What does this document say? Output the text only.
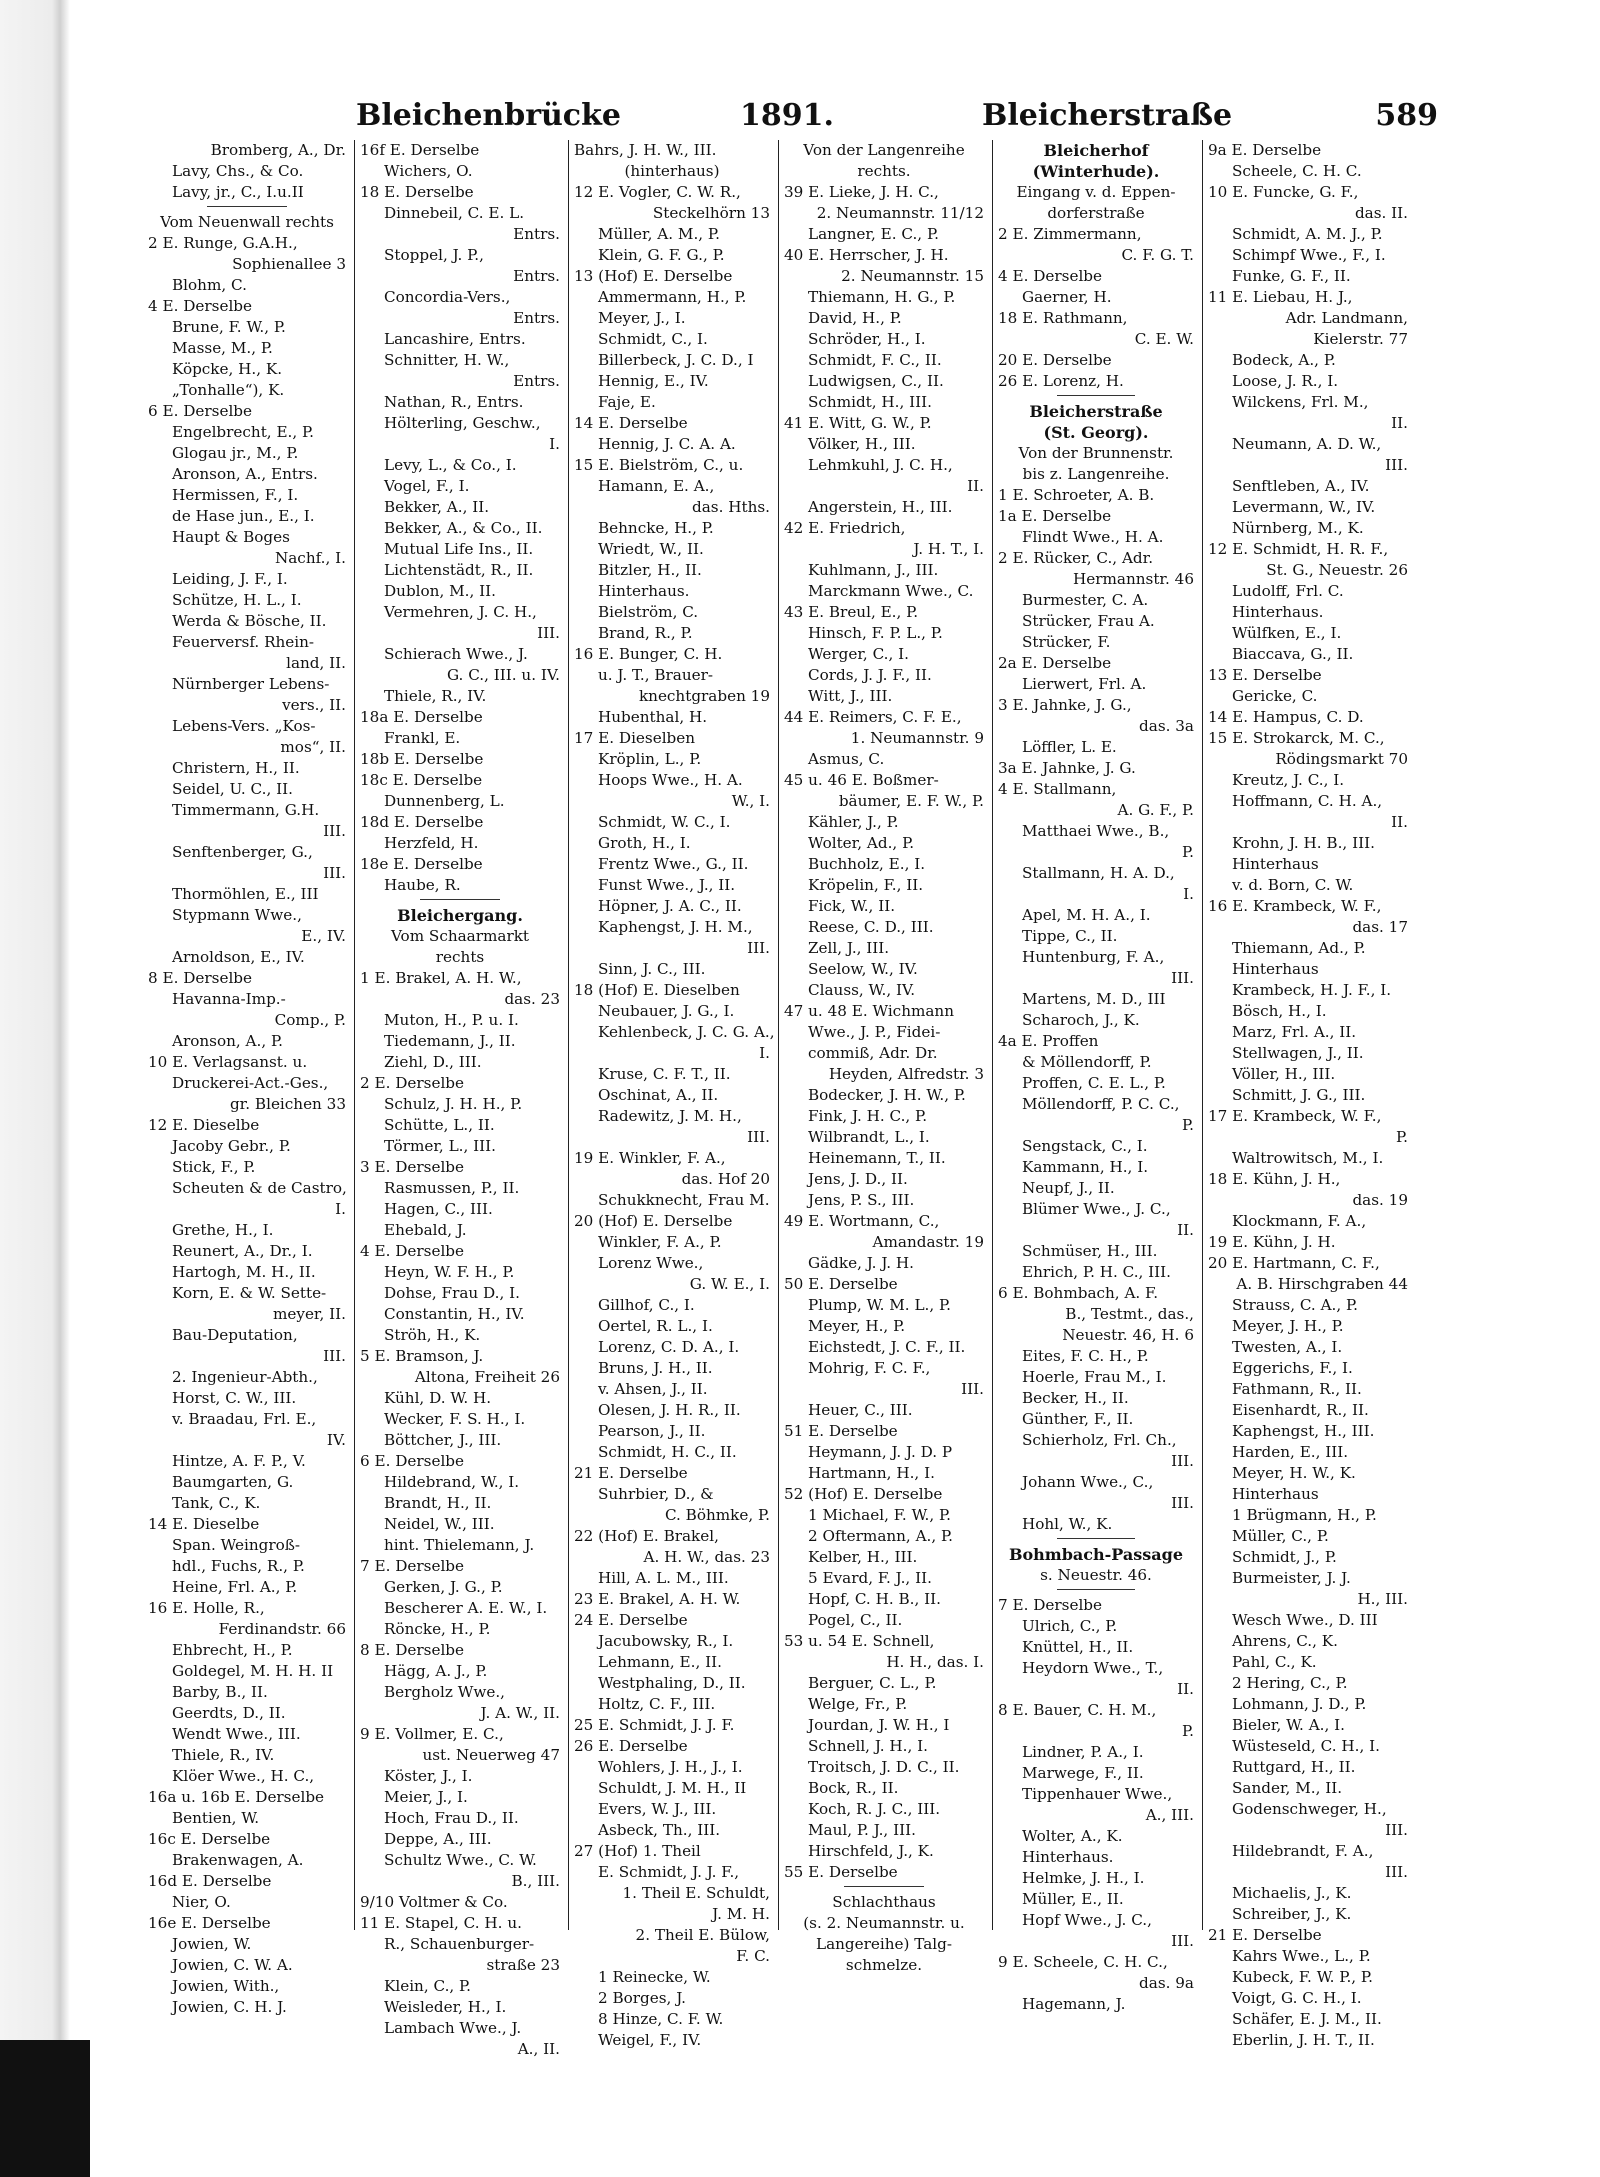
Bleichenbrücke	1891.	Bleicherstraße	589
Bromberg, A., Dr.
Lavy, Chs., & Co.
Lavy, jr., C., I.u.II
Vom Neuenwall rechts
2 E. Runge, G.A.H.,
Sophienallee 3
Blohm, C.
4 E. Derselbe
Brune, F. W., P.
Masse, M., P.
Köpcke, H., K.
„Tonhalle“), K.
6 E. Derselbe
Engelbrecht, E., P.
Glogau jr., M., P.
Aronson, A., Entrs.
Hermissen, F., I.
de Hase jun., E., I.
Haupt & Boges
Nachf., I.
Leiding, J. F., I.
Schütze, H. L., I.
Werda & Bösche, II.
Feuerversf. Rhein-
land, II.
Nürnberger Lebens-
vers., II.
Lebens-Vers. „Kos-
mos“, II.
Christern, H., II.
Seidel, U. C., II.
Timmermann, G.H.
III.
Senftenberger, G.,
III.
Thormöhlen, E., III
Stypmann Wwe.,
E., IV.
Arnoldson, E., IV.
8 E. Derselbe
Havanna-Imp.-
Comp., P.
Aronson, A., P.
10 E. Verlagsanst. u.
Druckerei-Act.-Ges.,
gr. Bleichen 33
12 E. Dieselbe
Jacoby Gebr., P.
Stick, F., P.
Scheuten & de Castro,
I.
Grethe, H., I.
Reunert, A., Dr., I.
Hartogh, M. H., II.
Korn, E. & W. Sette-
meyer, II.
Bau-Deputation,
III.
2. Ingenieur-Abth.,
Horst, C. W., III.
v. Braadau, Frl. E.,
IV.
Hintze, A. F. P., V.
Baumgarten, G.
Tank, C., K.
14 E. Dieselbe
Span. Weingroß-
hdl., Fuchs, R., P.
Heine, Frl. A., P.
16 E. Holle, R.,
Ferdinandstr. 66
Ehbrecht, H., P.
Goldegel, M. H. H. II
Barby, B., II.
Geerdts, D., II.
Wendt Wwe., III.
Thiele, R., IV.
Klöer Wwe., H. C.,
16a u. 16b E. Derselbe
Bentien, W.
16c E. Derselbe
Brakenwagen, A.
16d E. Derselbe
Nier, O.
16e E. Derselbe
Jowien, W.
Jowien, C. W. A.
Jowien, With.,
Jowien, C. H. J.
16f E. Derselbe
Wichers, O.
18 E. Derselbe
Dinnebeil, C. E. L.
Entrs.
Stoppel, J. P.,
Entrs.
Concordia-Vers.,
Entrs.
Lancashire, Entrs.
Schnitter, H. W.,
Entrs.
Nathan, R., Entrs.
Hölterling, Geschw.,
I.
Levy, L., & Co., I.
Vogel, F., I.
Bekker, A., II.
Bekker, A., & Co., II.
Mutual Life Ins., II.
Lichtenstädt, R., II.
Dublon, M., II.
Vermehren, J. C. H.,
III.
Schierach Wwe., J.
G. C., III. u. IV.
Thiele, R., IV.
18a E. Derselbe
Frankl, E.
18b E. Derselbe
18c E. Derselbe
Dunnenberg, L.
18d E. Derselbe
Herzfeld, H.
18e E. Derselbe
Haube, R.
Bleichergang.
Vom Schaarmarkt
rechts
1 E. Brakel, A. H. W.,
das. 23
Muton, H., P. u. I.
Tiedemann, J., II.
Ziehl, D., III.
2 E. Derselbe
Schulz, J. H. H., P.
Schütte, L., II.
Törmer, L., III.
3 E. Derselbe
Rasmussen, P., II.
Hagen, C., III.
Ehebald, J.
4 E. Derselbe
Heyn, W. F. H., P.
Dohse, Frau D., I.
Constantin, H., IV.
Ströh, H., K.
5 E. Bramson, J.
Altona, Freiheit 26
Kühl, D. W. H.
Wecker, F. S. H., I.
Böttcher, J., III.
6 E. Derselbe
Hildebrand, W., I.
Brandt, H., II.
Neidel, W., III.
hint. Thielemann, J.
7 E. Derselbe
Gerken, J. G., P.
Bescherer A. E. W., I.
Röncke, H., P.
8 E. Derselbe
Hägg, A. J., P.
Bergholz Wwe.,
J. A. W., II.
9 E. Vollmer, E. C.,
ust. Neuerweg 47
Köster, J., I.
Meier, J., I.
Hoch, Frau D., II.
Deppe, A., III.
Schultz Wwe., C. W.
B., III.
9/10 Voltmer & Co.
11 E. Stapel, C. H. u.
R., Schauenburger-
straße 23
Klein, C., P.
Weisleder, H., I.
Lambach Wwe., J.
A., II.
Bahrs, J. H. W., III.
(hinterhaus)
12 E. Vogler, C. W. R.,
Steckelhörn 13
Müller, A. M., P.
Klein, G. F. G., P.
13 (Hof) E. Derselbe
Ammermann, H., P.
Meyer, J., I.
Schmidt, C., I.
Billerbeck, J. C. D., I
Hennig, E., IV.
Faje, E.
14 E. Derselbe
Hennig, J. C. A. A.
15 E. Bielström, C., u.
Hamann, E. A.,
das. Hths.
Behncke, H., P.
Wriedt, W., II.
Bitzler, H., II.
Hinterhaus.
Bielström, C.
Brand, R., P.
16 E. Bunger, C. H.
u. J. T., Brauer-
knechtgraben 19
Hubenthal, H.
17 E. Dieselben
Kröplin, L., P.
Hoops Wwe., H. A.
W., I.
Schmidt, W. C., I.
Groth, H., I.
Frentz Wwe., G., II.
Funst Wwe., J., II.
Höpner, J. A. C., II.
Kaphengst, J. H. M.,
III.
Sinn, J. C., III.
18 (Hof) E. Dieselben
Neubauer, J. G., I.
Kehlenbeck, J. C. G. A.,
I.
Kruse, C. F. T., II.
Oschinat, A., II.
Radewitz, J. M. H.,
III.
19 E. Winkler, F. A.,
das. Hof 20
Schukknecht, Frau M.
20 (Hof) E. Derselbe
Winkler, F. A., P.
Lorenz Wwe.,
G. W. E., I.
Gillhof, C., I.
Oertel, R. L., I.
Lorenz, C. D. A., I.
Bruns, J. H., II.
v. Ahsen, J., II.
Olesen, J. H. R., II.
Pearson, J., II.
Schmidt, H. C., II.
21 E. Derselbe
Suhrbier, D., &
C. Böhmke, P.
22 (Hof) E. Brakel,
A. H. W., das. 23
Hill, A. L. M., III.
23 E. Brakel, A. H. W.
24 E. Derselbe
Jacubowsky, R., I.
Lehmann, E., II.
Westphaling, D., II.
Holtz, C. F., III.
25 E. Schmidt, J. J. F.
26 E. Derselbe
Wohlers, J. H., J., I.
Schuldt, J. M. H., II
Evers, W. J., III.
Asbeck, Th., III.
27 (Hof) 1. Theil
E. Schmidt, J. J. F.,
1. Theil E. Schuldt,
J. M. H.
2. Theil E. Bülow,
F. C.
1 Reinecke, W.
2 Borges, J.
8 Hinze, C. F. W.
Weigel, F., IV.
Von der Langenreihe
rechts.
39 E. Lieke, J. H. C.,
2. Neumannstr. 11/12
Langner, E. C., P.
40 E. Herrscher, J. H.
2. Neumannstr. 15
Thiemann, H. G., P.
David, H., P.
Schröder, H., I.
Schmidt, F. C., II.
Ludwigsen, C., II.
Schmidt, H., III.
41 E. Witt, G. W., P.
Völker, H., III.
Lehmkuhl, J. C. H.,
II.
Angerstein, H., III.
42 E. Friedrich,
J. H. T., I.
Kuhlmann, J., III.
Marckmann Wwe., C.
43 E. Breul, E., P.
Hinsch, F. P. L., P.
Werger, C., I.
Cords, J. J. F., II.
Witt, J., III.
44 E. Reimers, C. F. E.,
1. Neumannstr. 9
Asmus, C.
45 u. 46 E. Boßmer-
bäumer, E. F. W., P.
Kähler, J., P.
Wolter, Ad., P.
Buchholz, E., I.
Kröpelin, F., II.
Fick, W., II.
Reese, C. D., III.
Zell, J., III.
Seelow, W., IV.
Clauss, W., IV.
47 u. 48 E. Wichmann
Wwe., J. P., Fidei-
commiß, Adr. Dr.
Heyden, Alfredstr. 3
Bodecker, J. H. W., P.
Fink, J. H. C., P.
Wilbrandt, L., I.
Heinemann, T., II.
Jens, J. D., II.
Jens, P. S., III.
49 E. Wortmann, C.,
Amandastr. 19
Gädke, J. J. H.
50 E. Derselbe
Plump, W. M. L., P.
Meyer, H., P.
Eichstedt, J. C. F., II.
Mohrig, F. C. F.,
III.
Heuer, C., III.
51 E. Derselbe
Heymann, J. J. D. P
Hartmann, H., I.
52 (Hof) E. Derselbe
1 Michael, F. W., P.
2 Oftermann, A., P.
Kelber, H., III.
5 Evard, F. J., II.
Hopf, C. H. B., II.
Pogel, C., II.
53 u. 54 E. Schnell,
H. H., das. I.
Berguer, C. L., P.
Welge, Fr., P.
Jourdan, J. W. H., I
Schnell, J. H., I.
Troitsch, J. D. C., II.
Bock, R., II.
Koch, R. J. C., III.
Maul, P. J., III.
Hirschfeld, J., K.
55 E. Derselbe
Schlachthaus
(s. 2. Neumannstr. u.
Langereihe) Talg-
schmelze.
Bleicherhof
(Winterhude).
Eingang v. d. Eppen-
dorferstraße
2 E. Zimmermann,
C. F. G. T.
4 E. Derselbe
Gaerner, H.
18 E. Rathmann,
C. E. W.
20 E. Derselbe
26 E. Lorenz, H.
Bleicherstraße
(St. Georg).
Von der Brunnenstr.
bis z. Langenreihe.
1 E. Schroeter, A. B.
1a E. Derselbe
Flindt Wwe., H. A.
2 E. Rücker, C., Adr.
Hermannstr. 46
Burmester, C. A.
Strücker, Frau A.
Strücker, F.
2a E. Derselbe
Lierwert, Frl. A.
3 E. Jahnke, J. G.,
das. 3a
Löffler, L. E.
3a E. Jahnke, J. G.
4 E. Stallmann,
A. G. F., P.
Matthaei Wwe., B.,
P.
Stallmann, H. A. D.,
I.
Apel, M. H. A., I.
Tippe, C., II.
Huntenburg, F. A.,
III.
Martens, M. D., III
Scharoch, J., K.
4a E. Proffen
& Möllendorff, P.
Proffen, C. E. L., P.
Möllendorff, P. C. C.,
P.
Sengstack, C., I.
Kammann, H., I.
Neupf, J., II.
Blümer Wwe., J. C.,
II.
Schmüser, H., III.
Ehrich, P. H. C., III.
6 E. Bohmbach, A. F.
B., Testmt., das.,
Neuestr. 46, H. 6
Eites, F. C. H., P.
Hoerle, Frau M., I.
Becker, H., II.
Günther, F., II.
Schierholz, Frl. Ch.,
III.
Johann Wwe., C.,
III.
Hohl, W., K.
Bohmbach-Passage
s. Neuestr. 46.
7 E. Derselbe
Ulrich, C., P.
Knüttel, H., II.
Heydorn Wwe., T.,
II.
8 E. Bauer, C. H. M.,
P.
Lindner, P. A., I.
Marwege, F., II.
Tippenhauer Wwe.,
A., III.
Wolter, A., K.
Hinterhaus.
Helmke, J. H., I.
Müller, E., II.
Hopf Wwe., J. C.,
III.
9 E. Scheele, C. H. C.,
das. 9a
Hagemann, J.
9a E. Derselbe
Scheele, C. H. C.
10 E. Funcke, G. F.,
das. II.
Schmidt, A. M. J., P.
Schimpf Wwe., F., I.
Funke, G. F., II.
11 E. Liebau, H. J.,
Adr. Landmann,
Kielerstr. 77
Bodeck, A., P.
Loose, J. R., I.
Wilckens, Frl. M.,
II.
Neumann, A. D. W.,
III.
Senftleben, A., IV.
Levermann, W., IV.
Nürnberg, M., K.
12 E. Schmidt, H. R. F.,
St. G., Neuestr. 26
Ludolff, Frl. C.
Hinterhaus.
Wülfken, E., I.
Biaccava, G., II.
13 E. Derselbe
Gericke, C.
14 E. Hampus, C. D.
15 E. Strokarck, M. C.,
Rödingsmarkt 70
Kreutz, J. C., I.
Hoffmann, C. H. A.,
II.
Krohn, J. H. B., III.
Hinterhaus
v. d. Born, C. W.
16 E. Krambeck, W. F.,
das. 17
Thiemann, Ad., P.
Hinterhaus
Krambeck, H. J. F., I.
Bösch, H., I.
Marz, Frl. A., II.
Stellwagen, J., II.
Völler, H., III.
Schmitt, J. G., III.
17 E. Krambeck, W. F.,
P.
Waltrowitsch, M., I.
18 E. Kühn, J. H.,
das. 19
Klockmann, F. A.,
19 E. Kühn, J. H.
20 E. Hartmann, C. F.,
A. B. Hirschgraben 44
Strauss, C. A., P.
Meyer, J. H., P.
Twesten, A., I.
Eggerichs, F., I.
Fathmann, R., II.
Eisenhardt, R., II.
Kaphengst, H., III.
Harden, E., III.
Meyer, H. W., K.
Hinterhaus
1 Brügmann, H., P.
Müller, C., P.
Schmidt, J., P.
Burmeister, J. J.
H., III.
Wesch Wwe., D. III
Ahrens, C., K.
Pahl, C., K.
2 Hering, C., P.
Lohmann, J. D., P.
Bieler, W. A., I.
Wüsteseld, C. H., I.
Ruttgard, H., II.
Sander, M., II.
Godenschweger, H.,
III.
Hildebrandt, F. A.,
III.
Michaelis, J., K.
Schreiber, J., K.
21 E. Derselbe
Kahrs Wwe., L., P.
Kubeck, F. W. P., P.
Voigt, G. C. H., I.
Schäfer, E. J. M., II.
Eberlin, J. H. T., II.
